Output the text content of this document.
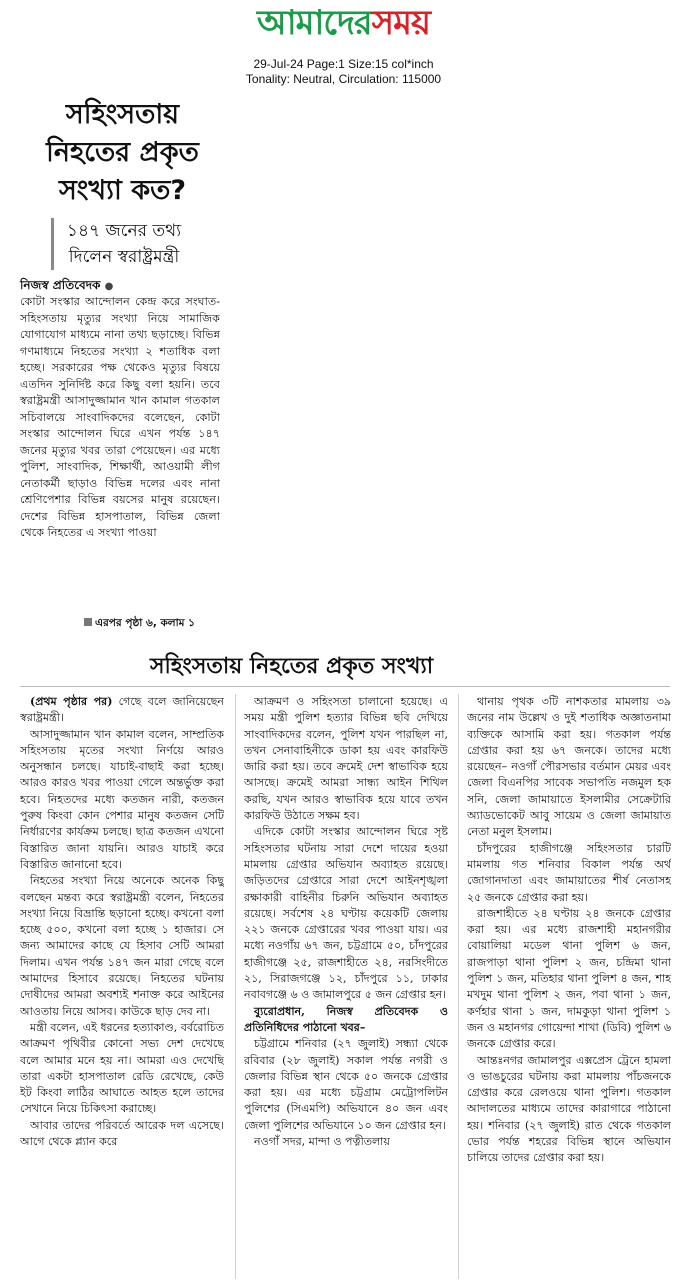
আমাদেরসময়
29-Jul-24 Page:1 Size:15 col*inch
Tonality: Neutral, Circulation: 115000

সহিংসতায়

নিহতের প্রকৃত

সংখ্যা কত?

১৪৭ জনের তথ্য
দিলেন স্বরাষ্ট্রমন্ত্রী
নিজস্ব প্রতিবেদক ●

কোটা সংস্কার আন্দোলন কেন্দ্র করে সংঘাত-সহিংসতায় মৃত্যুর সংখ্যা নিয়ে সামাজিক যোগাযোগ মাধ্যমে নানা তথ্য ছড়াচ্ছে। বিভিন্ন গণমাধ্যমে নিহতের সংখ্যা ২ শতাধিক বলা হচ্ছে। সরকারের পক্ষ থেকেও মৃত্যুর বিষয়ে এতদিন সুনির্দিষ্ট করে কিছু বলা হয়নি। তবে স্বরাষ্ট্রমন্ত্রী আসাদুজ্জামান খান কামাল গতকাল সচিবালয়ে সাংবাদিকদের বলেছেন, কোটা সংস্কার আন্দোলন ঘিরে এখন পর্যন্ত ১৪৭ জনের মৃত্যুর খবর তারা পেয়েছেন। এর মধ্যে পুলিশ, সাংবাদিক, শিক্ষার্থী, আওয়ামী লীগ নেতাকর্মী ছাড়াও বিভিন্ন দলের এবং নানা শ্রেণিপেশার বিভিন্ন বয়সের মানুষ রয়েছেন। দেশের বিভিন্ন হাসপাতাল, বিভিন্ন জেলা থেকে নিহতের এ সংখ্যা পাওয়া

এরপর পৃষ্ঠা ৬, কলাম ১
সহিংসতায় নিহতের প্রকৃত সংখ্যা

(প্রথম পৃষ্ঠার পর) গেছে বলে জানিয়েছেন স্বরাষ্ট্রমন্ত্রী।

আসাদুজ্জামান খান কামাল বলেন, সাম্প্রতিক সহিংসতায় মৃতের সংখ্যা নির্ণয়ে আরও অনুসন্ধান চলছে। যাচাই-বাছাই করা হচ্ছে। আরও কারও খবর পাওয়া গেলে অন্তর্ভুক্ত করা হবে। নিহতদের মধ্যে কতজন নারী, কতজন পুরুষ কিংবা কোন পেশার মানুষ কতজন সেটি নির্ধারণের কার্যক্রম চলছে। ছাত্র কতজন এখনো বিস্তারিত জানা যায়নি। আরও যাচাই করে বিস্তারিত জানানো হবে।

নিহতের সংখ্যা নিয়ে অনেকে অনেক কিছু বলছেন মন্তব্য করে স্বরাষ্ট্রমন্ত্রী বলেন, নিহতের সংখ্যা নিয়ে বিভ্রান্তি ছড়ানো হচ্ছে। কখনো বলা হচ্ছে ৫০০, কখনো বলা হচ্ছে ১ হাজার। সে জন্য আমাদের কাছে যে হিসাব সেটি আমরা দিলাম। এখন পর্যন্ত ১৪৭ জন মারা গেছে বলে আমাদের হিসাবে রয়েছে। নিহতের ঘটনায় দোষীদের আমরা অবশ্যই শনাক্ত করে আইনের আওতায় নিয়ে আসব। কাউকে ছাড় দেব না।

মন্ত্রী বলেন, এই ধরনের হত্যাকাণ্ড, বর্বরোচিত আক্রমণ পৃথিবীর কোনো সভ্য দেশ দেখেছে বলে আমার মনে হয় না। আমরা এও দেখেছি তারা একটা হাসপাতাল রেডি রেখেছে, কেউ ইট কিংবা লাঠির আঘাতে আহত হলে তাদের সেখানে নিয়ে চিকিৎসা করাচ্ছে।

আবার তাদের পরিবর্তে আরেক দল এসেছে। আগে থেকে প্ল্যান করে

আক্রমণ ও সহিংসতা চালানো হয়েছে। এ সময় মন্ত্রী পুলিশ হত্যার বিভিন্ন ছবি দেখিয়ে সাংবাদিকদের বলেন, পুলিশ যখন পারছিল না, তখন সেনাবাহিনীকে ডাকা হয় এবং কারফিউ জারি করা হয়। তবে ক্রমেই দেশ স্বাভাবিক হয়ে আসছে। ক্রমেই আমরা সান্ধ্য আইন শিথিল করছি, যখন আরও স্বাভাবিক হয়ে যাবে তখন কারফিউ উঠাতে সক্ষম হব।

এদিকে কোটা সংস্কার আন্দোলন ঘিরে সৃষ্ট সহিংসতার ঘটনায় সারা দেশে দায়ের হওয়া মামলায় গ্রেপ্তার অভিযান অব্যাহত রয়েছে। জড়িতদের গ্রেপ্তারে সারা দেশে আইনশৃঙ্খলা রক্ষাকারী বাহিনীর চিরুনি অভিযান অব্যাহত রয়েছে। সর্বশেষ ২৪ ঘণ্টায় কয়েকটি জেলায় ২২১ জনকে গ্রেপ্তারের খবর পাওয়া যায়। এর মধ্যে নওগাঁয় ৬৭ জন, চট্টগ্রামে ৫০, চাঁদপুরের হাজীগঞ্জে ২৫, রাজশাহীতে ২৪, নরসিংদীতে ২১, সিরাজগঞ্জে ১২, চাঁদপুরে ১১, ঢাকার নবাবগঞ্জে ৬ ও জামালপুরে ৫ জন গ্রেপ্তার হন।

ব্যুরোপ্রধান, নিজস্ব প্রতিবেদক ও প্রতিনিধিদের পাঠানো খবর–

চট্টগ্রামে শনিবার (২৭ জুলাই) সন্ধ্যা থেকে রবিবার (২৮ জুলাই) সকাল পর্যন্ত নগরী ও জেলার বিভিন্ন স্থান থেকে ৫০ জনকে গ্রেপ্তার করা হয়। এর মধ্যে চট্টগ্রাম মেট্রোপলিটন পুলিশের (সিএমপি) অভিযানে ৪০ জন এবং জেলা পুলিশের অভিযানে ১০ জন গ্রেপ্তার হন।

নওগাঁ সদর, মান্দা ও পত্নীতলায়

থানায় পৃথক ৩টি নাশকতার মামলায় ৩৯ জনের নাম উল্লেখ ও দুই শতাধিক অজ্ঞাতনামা ব্যক্তিকে আসামি করা হয়। গতকাল পর্যন্ত গ্রেপ্তার করা হয় ৬৭ জনকে। তাদের মধ্যে রয়েছেন– নওগাঁ পৌরসভার বর্তমান মেয়র এবং জেলা বিএনপির সাবেক সভাপতি নজমুল হক সনি, জেলা জামায়াতে ইসলামীর সেক্রেটারি অ্যাডভোকেট আবু সায়েম ও জেলা জামায়াত নেতা মনুল ইসলাম।

চাঁদপুরের হাজীগঞ্জে সহিংসতার চারটি মামলায় গত শনিবার বিকাল পর্যন্ত অর্থ জোগানদাতা এবং জামায়াতের শীর্ষ নেতাসহ ২৫ জনকে গ্রেপ্তার করা হয়।

রাজশাহীতে ২৪ ঘণ্টায় ২৪ জনকে গ্রেপ্তার করা হয়। এর মধ্যে রাজশাহী মহানগরীর বোয়ালিয়া মডেল থানা পুলিশ ৬ জন, রাজপাড়া থানা পুলিশ ২ জন, চন্দ্রিমা থানা পুলিশ ১ জন, মতিহার থানা পুলিশ ৪ জন, শাহ মখদুম থানা পুলিশ ২ জন, পবা থানা ১ জন, কর্ণহার থানা ১ জন, দামকুড়া থানা পুলিশ ১ জন ও মহানগর গোয়েন্দা শাখা (ডিবি) পুলিশ ৬ জনকে গ্রেপ্তার করে।

আন্তঃনগর জামালপুর এক্সপ্রেস ট্রেনে হামলা ও ভাঙচুরের ঘটনায় করা মামলায় পাঁচজনকে গ্রেপ্তার করে রেলওয়ে থানা পুলিশ। গতকাল আদালতের মাধ্যমে তাদের কারাগারে পাঠানো হয়। শনিবার (২৭ জুলাই) রাত থেকে গতকাল ভোর পর্যন্ত শহরের বিভিন্ন স্থানে অভিযান চালিয়ে তাদের গ্রেপ্তার করা হয়।
